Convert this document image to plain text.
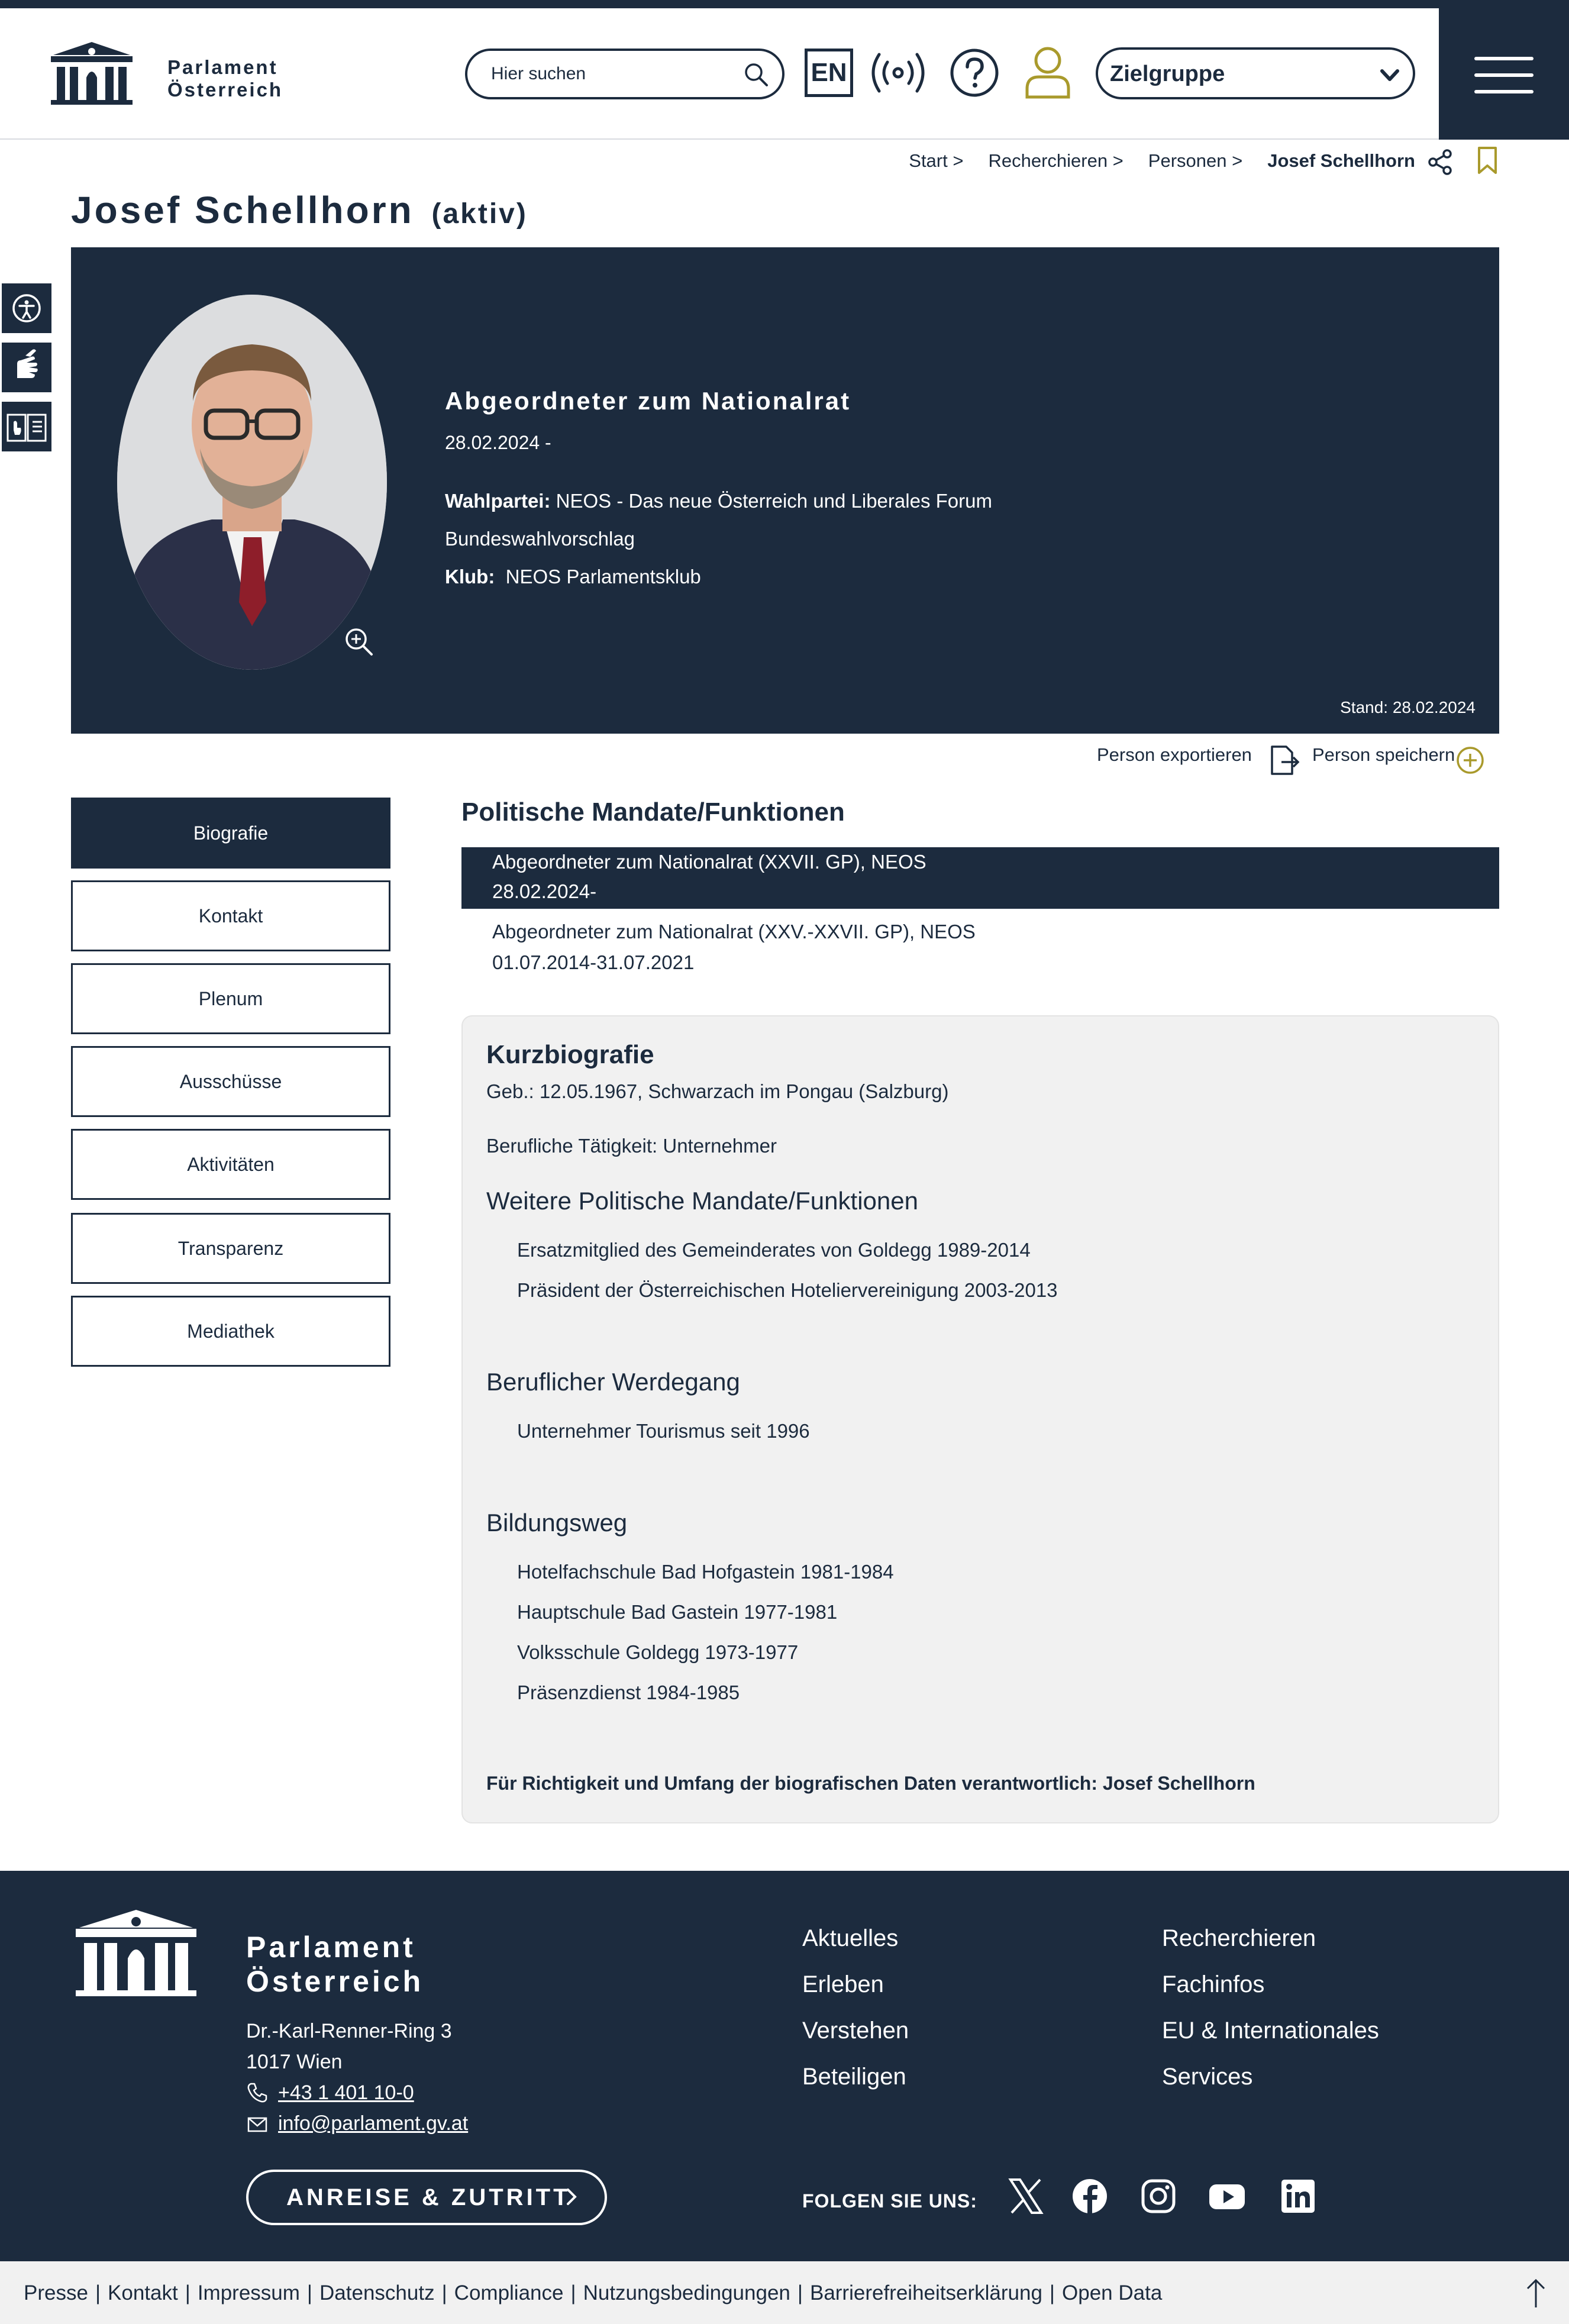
Parlament
Österreich
Hier suchen
EN	Zielgruppe
Start > Recherchieren > Personen > Josef Schellhorn
Josef Schellhorn (aktiv)
Abgeordneter zum Nationalrat
28.02.2024 -
Wahlpartei: NEOS - Das neue Österreich und Liberales Forum
Bundeswahlvorschlag
Klub: NEOS Parlamentsklub
Stand: 28.02.2024
Person exportieren	Person speichern
Biografie
Kontakt
Plenum
Ausschüsse
Aktivitäten
Transparenz
Mediathek
Politische Mandate/Funktionen
Abgeordneter zum Nationalrat (XXVII. GP), NEOS
28.02.2024-
Abgeordneter zum Nationalrat (XXV.-XXVII. GP), NEOS
01.07.2014-31.07.2021
Kurzbiografie
Geb.: 12.05.1967, Schwarzach im Pongau (Salzburg)
Berufliche Tätigkeit: Unternehmer
Weitere Politische Mandate/Funktionen
Ersatzmitglied des Gemeinderates von Goldegg 1989-2014
Präsident der Österreichischen Hoteliervereinigung 2003-2013
Beruflicher Werdegang
Unternehmer Tourismus seit 1996
Bildungsweg
Hotelfachschule Bad Hofgastein 1981-1984
Hauptschule Bad Gastein 1977-1981
Volksschule Goldegg 1973-1977
Präsenzdienst 1984-1985
Für Richtigkeit und Umfang der biografischen Daten verantwortlich: Josef Schellhorn
Parlament
Österreich
Dr.-Karl-Renner-Ring 3
1017 Wien
+43 1 401 10-0
info@parlament.gv.at
ANREISE & ZUTRITT
Aktuelles
Erleben
Verstehen
Beteiligen
Recherchieren
Fachinfos
EU & Internationales
Services
FOLGEN SIE UNS:
Presse | Kontakt | Impressum | Datenschutz | Compliance | Nutzungsbedingungen | Barrierefreiheitserklärung | Open Data
